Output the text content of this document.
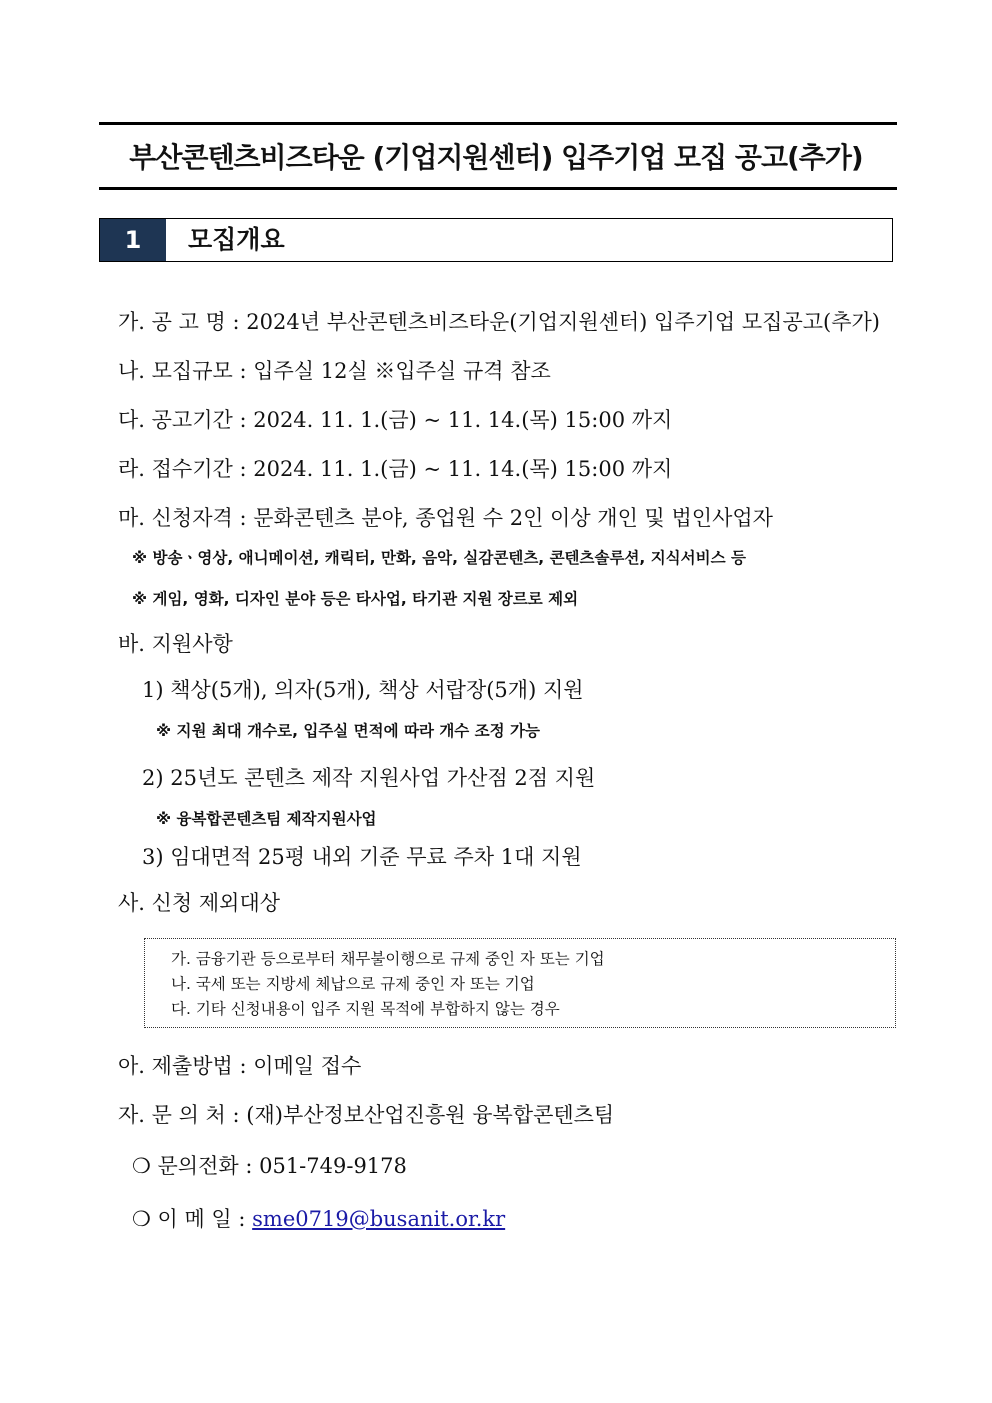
부산콘텐츠비즈타운 (기업지원센터) 입주기업 모집 공고(추가)
1	모집개요
가. 공 고 명 : 2024년 부산콘텐츠비즈타운(기업지원센터) 입주기업 모집공고(추가)
나. 모집규모 : 입주실 12실 ※입주실 규격 참조
다. 공고기간 : 2024. 11. 1.(금) ~ 11. 14.(목) 15:00 까지
라. 접수기간 : 2024. 11. 1.(금) ~ 11. 14.(목) 15:00 까지
마. 신청자격 : 문화콘텐츠 분야, 종업원 수 2인 이상 개인 및 법인사업자
※ 방송ㆍ영상, 애니메이션, 캐릭터, 만화, 음악, 실감콘텐츠, 콘텐츠솔루션, 지식서비스 등
※ 게임, 영화, 디자인 분야 등은 타사업, 타기관 지원 장르로 제외
바. 지원사항
1) 책상(5개), 의자(5개), 책상 서랍장(5개) 지원
※ 지원 최대 개수로, 입주실 면적에 따라 개수 조정 가능
2) 25년도 콘텐츠 제작 지원사업 가산점 2점 지원
※ 융복합콘텐츠팀 제작지원사업
3) 임대면적 25평 내외 기준 무료 주차 1대 지원
사. 신청 제외대상
가. 금융기관 등으로부터 채무불이행으로 규제 중인 자 또는 기업
나. 국세 또는 지방세 체납으로 규제 중인 자 또는 기업
다. 기타 신청내용이 입주 지원 목적에 부합하지 않는 경우
아. 제출방법 : 이메일 접수
자. 문 의 처 : (재)부산정보산업진흥원 융복합콘텐츠팀
❍ 문의전화 : 051-749-9178
❍ 이 메 일 : sme0719@busanit.or.kr
